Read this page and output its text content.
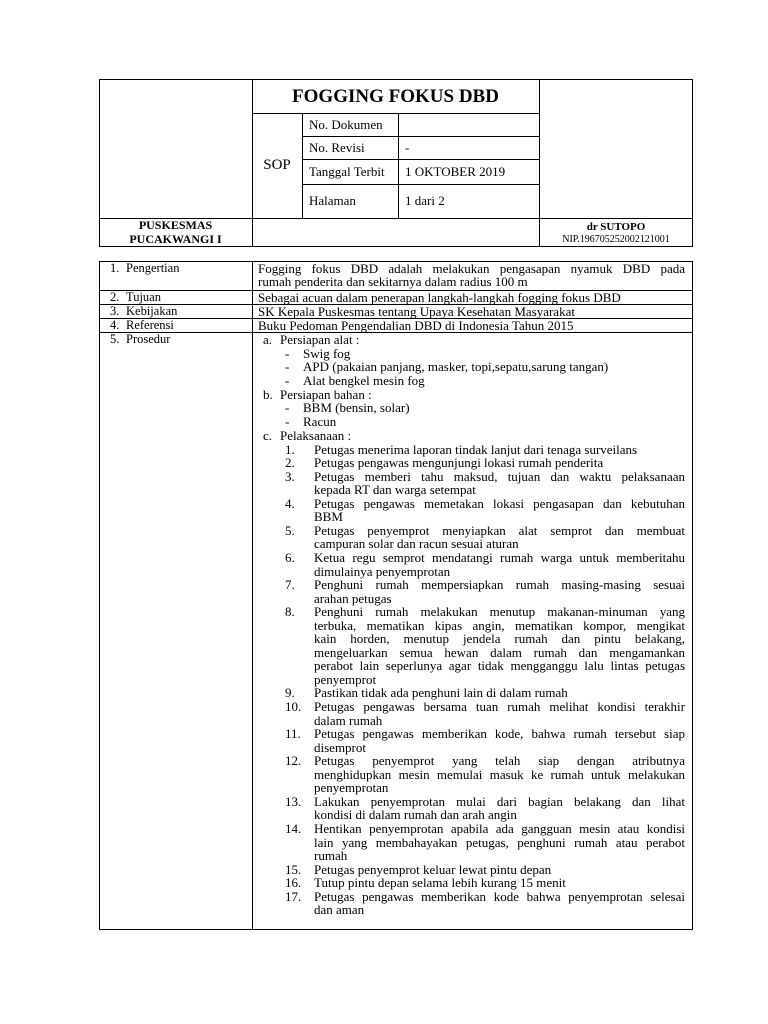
FOGGING FOKUS DBD
SOP
No. Dokumen
No. Revisi	-
Tanggal Terbit 1 OKTOBER 2019
Halaman	1 dari 2
PUSKESMAS
PUCAKWANGI I
dr SUTOPO
NIP.196705252002121001
1. Pengertian
2. Tujuan
3. Kebijakan
4. Referensi
5. Prosedur
Fogging fokus DBD adalah melakukan pengasapan nyamuk DBD pada
rumah penderita dan sekitarnya dalam radius 100 m
Sebagai acuan dalam penerapan langkah-langkah fogging fokus DBD
SK Kepala Puskesmas tentang Upaya Kesehatan Masyarakat
Buku Pedoman Pengendalian DBD di Indonesia Tahun 2015
a. Persiapan alat :
- Swig fog
- APD (pakaian panjang, masker, topi,sepatu,sarung tangan)
- Alat bengkel mesin fog
b. Persiapan bahan :
- BBM (bensin, solar)
- Racun
c. Pelaksanaan :
1. Petugas menerima laporan tindak lanjut dari tenaga surveilans
2. Petugas pengawas mengunjungi lokasi rumah penderita
3. Petugas memberi tahu maksud, tujuan dan waktu pelaksanaan
kepada RT dan warga setempat
4. Petugas pengawas memetakan lokasi pengasapan dan kebutuhan
BBM
5. Petugas penyemprot menyiapkan alat semprot dan membuat
campuran solar dan racun sesuai aturan
6. Ketua regu semprot mendatangi rumah warga untuk memberitahu
dimulainya penyemprotan
7. Penghuni rumah mempersiapkan rumah masing-masing sesuai
arahan petugas
8. Penghuni rumah melakukan menutup makanan-minuman yang
terbuka, mematikan kipas angin, mematikan kompor, mengikat
kain horden, menutup jendela rumah dan pintu belakang,
mengeluarkan semua hewan dalam rumah dan mengamankan
perabot lain seperlunya agar tidak mengganggu lalu lintas petugas
penyemprot
9. Pastikan tidak ada penghuni lain di dalam rumah
10. Petugas pengawas bersama tuan rumah melihat kondisi terakhir
dalam rumah
11. Petugas pengawas memberikan kode, bahwa rumah tersebut siap
disemprot
12. Petugas penyemprot yang telah siap dengan atributnya
menghidupkan mesin memulai masuk ke rumah untuk melakukan
penyemprotan
13. Lakukan penyemprotan mulai dari bagian belakang dan lihat
kondisi di dalam rumah dan arah angin
14. Hentikan penyemprotan apabila ada gangguan mesin atau kondisi
lain yang membahayakan petugas, penghuni rumah atau perabot
rumah
15. Petugas penyemprot keluar lewat pintu depan
16. Tutup pintu depan selama lebih kurang 15 menit
17. Petugas pengawas memberikan kode bahwa penyemprotan selesai
dan aman
